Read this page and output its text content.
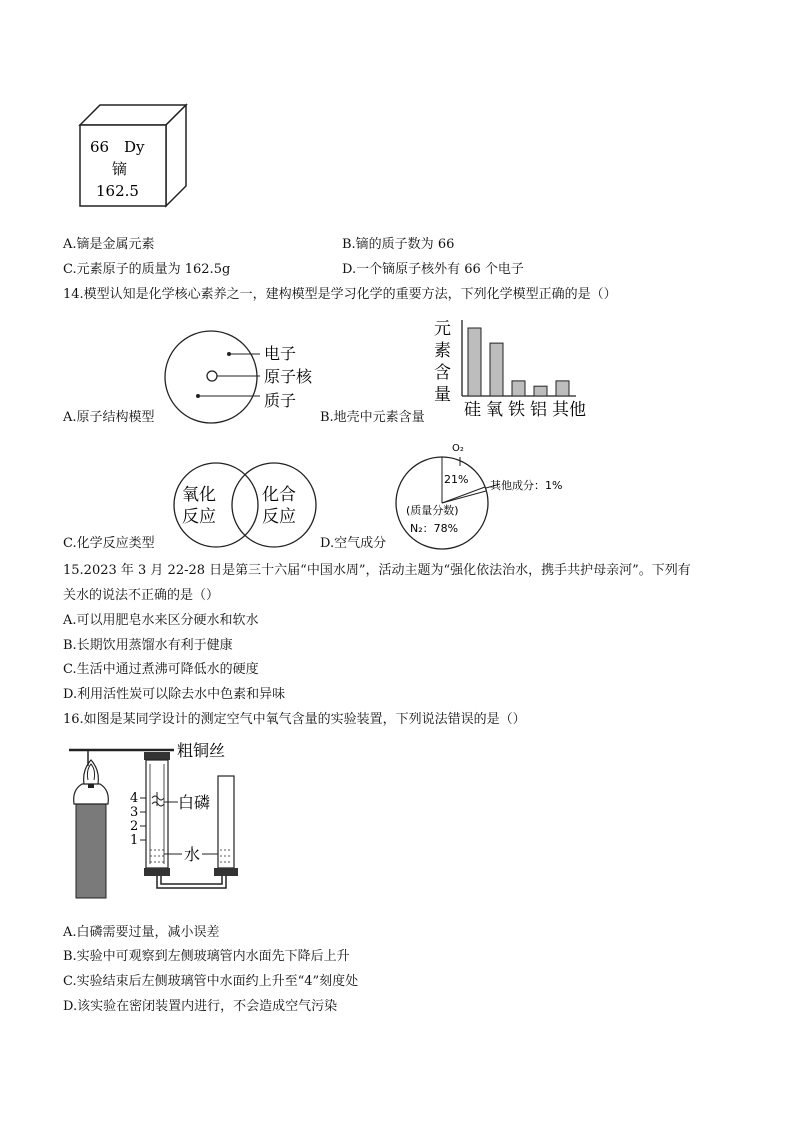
66 Dy
镝
162.5
A.镝是金属元素	B.镝的质子数为 66
C.元素原子的质量为 162.5g	D.一个镝原子核外有 66 个电子
14.模型认知是化学核心素养之一，建构模型是学习化学的重要方法，下列化学模型正确的是（）
电子
原子核
质子
A.原子结构模型
元
素
含
量
硅 氧 铁 铝 其他
B.地壳中元素含量
氧化
反应
化合
反应
C.化学反应类型
O₂
21% 其他成分：1%
(质量分数)
N₂：78%
D.空气成分
15.2023 年 3 月 22-28 日是第三十六届“中国水周”，活动主题为“强化依法治水，携手共护母亲河”。下列有
关水的说法不正确的是（）
A.可以用肥皂水来区分硬水和软水
B.长期饮用蒸馏水有利于健康
C.生活中通过煮沸可降低水的硬度
D.利用活性炭可以除去水中色素和异味
16.如图是某同学设计的测定空气中氧气含量的实验装置，下列说法错误的是（）
粗铜丝
4
3
2
1
白磷
水
A.白磷需要过量，减小误差
B.实验中可观察到左侧玻璃管内水面先下降后上升
C.实验结束后左侧玻璃管中水面约上升至“4”刻度处
D.该实验在密闭装置内进行，不会造成空气污染
